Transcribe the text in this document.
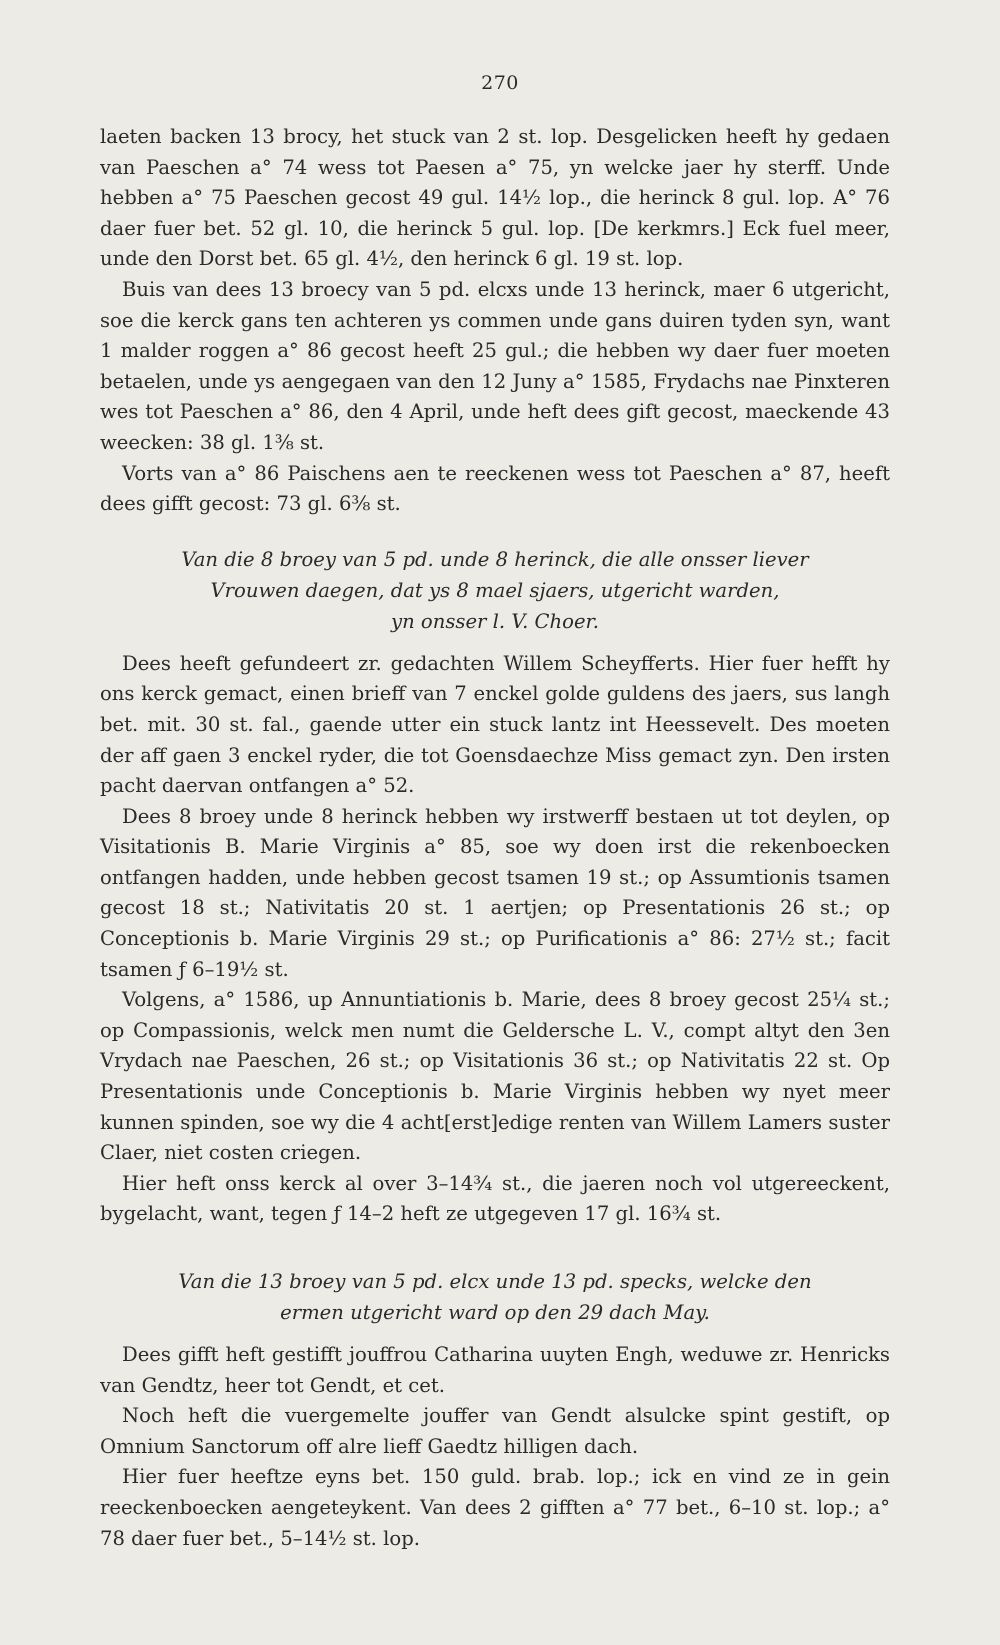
270

laeten backen 13 brocy, het stuck van 2 st. lop. Desgelicken heeft hy gedaen van Paeschen a° 74 wess tot Paesen a° 75, yn welcke jaer hy sterff. Unde hebben a° 75 Paeschen gecost 49 gul. 14½ lop., die herinck 8 gul. lop. A° 76 daer fuer bet. 52 gl. 10, die herinck 5 gul. lop. [De kerkmrs.] Eck fuel meer, unde den Dorst bet. 65 gl. 4½, den herinck 6 gl. 19 st. lop.

Buis van dees 13 broecy van 5 pd. elcxs unde 13 herinck, maer 6 utgericht, soe die kerck gans ten achteren ys commen unde gans duiren tyden syn, want 1 malder roggen a° 86 gecost heeft 25 gul.; die hebben wy daer fuer moeten betaelen, unde ys aengegaen van den 12 Juny a° 1585, Frydachs nae Pinxteren wes tot Paeschen a° 86, den 4 April, unde heft dees gift gecost, maeckende 43 weecken: 38 gl. 1⅜ st.

Vorts van a° 86 Paischens aen te reeckenen wess tot Paeschen a° 87, heeft dees gifft gecost: 73 gl. 6⅜ st.

Van die 8 broey van 5 pd. unde 8 herinck, die alle onsser liever
Vrouwen daegen, dat ys 8 mael sjaers, utgericht warden,
yn onsser l. V. Choer.

Dees heeft gefundeert zr. gedachten Willem Scheyfferts. Hier fuer hefft hy ons kerck gemact, einen brieff van 7 enckel golde guldens des jaers, sus langh bet. mit. 30 st. fal., gaende utter ein stuck lantz int Heessevelt. Des moeten der aff gaen 3 enckel ryder, die tot Goensdaechze Miss gemact zyn. Den irsten pacht daervan ontfangen a° 52.

Dees 8 broey unde 8 herinck hebben wy irstwerff bestaen ut tot deylen, op Visitationis B. Marie Virginis a° 85, soe wy doen irst die rekenboecken ontfangen hadden, unde hebben gecost tsamen 19 st.; op Assumtionis tsamen gecost 18 st.; Nativitatis 20 st. 1 aertjen; op Presentationis 26 st.; op Conceptionis b. Marie Virginis 29 st.; op Purificationis a° 86: 27½ st.; facit tsamen ƒ 6–19½ st.

Volgens, a° 1586, up Annuntiationis b. Marie, dees 8 broey gecost 25¼ st.; op Compassionis, welck men numt die Geldersche L. V., compt altyt den 3en Vrydach nae Paeschen, 26 st.; op Visitationis 36 st.; op Nativitatis 22 st. Op Presentationis unde Conceptionis b. Marie Virginis hebben wy nyet meer kunnen spinden, soe wy die 4 acht[erst]edige renten van Willem Lamers suster Claer, niet costen criegen.

Hier heft onss kerck al over 3–14¾ st., die jaeren noch vol utgereeckent, bygelacht, want, tegen ƒ 14–2 heft ze utgegeven 17 gl. 16¾ st.

Van die 13 broey van 5 pd. elcx unde 13 pd. specks, welcke den
ermen utgericht ward op den 29 dach May.

Dees gifft heft gestifft jouffrou Catharina uuyten Engh, weduwe zr. Henricks van Gendtz, heer tot Gendt, et cet.

Noch heft die vuergemelte jouffer van Gendt alsulcke spint gestift, op Omnium Sanctorum off alre lieff Gaedtz hilligen dach.

Hier fuer heeftze eyns bet. 150 guld. brab. lop.; ick en vind ze in gein reeckenboecken aengeteykent. Van dees 2 gifften a° 77 bet., 6–10 st. lop.; a° 78 daer fuer bet., 5–14½ st. lop.
